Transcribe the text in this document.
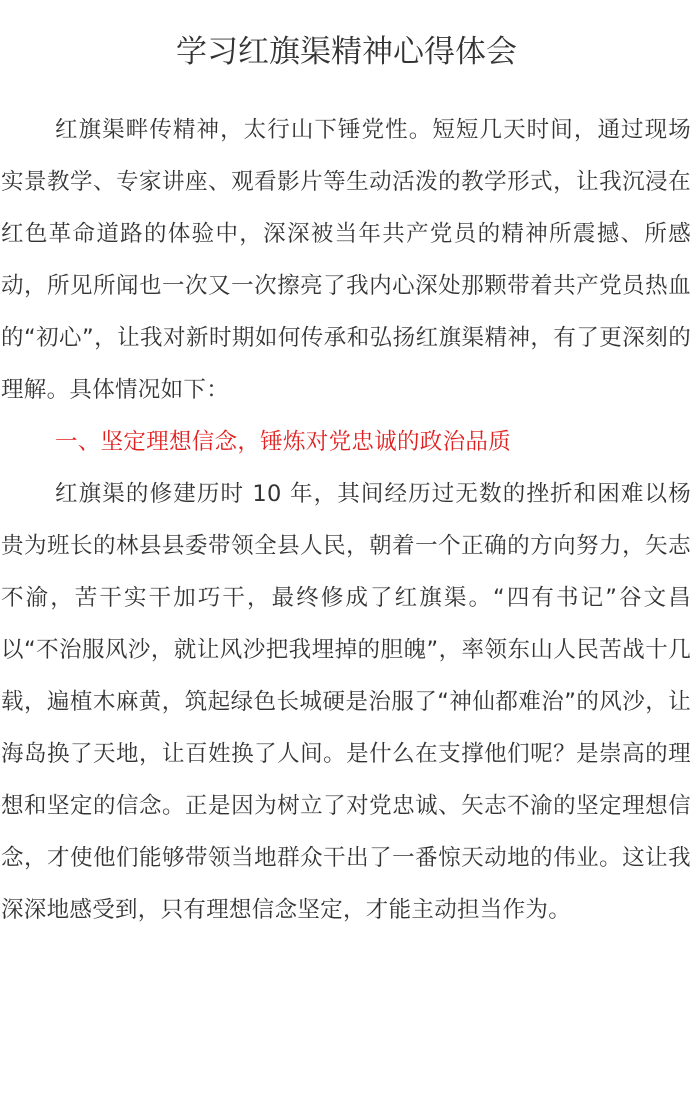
学习红旗渠精神心得体会

红旗渠畔传精神，太行山下锤党性。短短几天时间，通过现场实景教学、专家讲座、观看影片等生动活泼的教学形式，让我沉浸在红色革命道路的体验中，深深被当年共产党员的精神所震撼、所感动，所见所闻也一次又一次擦亮了我内心深处那颗带着共产党员热血的“初心”，让我对新时期如何传承和弘扬红旗渠精神，有了更深刻的理解。具体情况如下：

一、坚定理想信念，锤炼对党忠诚的政治品质

红旗渠的修建历时 10 年，其间经历过无数的挫折和困难以杨贵为班长的林县县委带领全县人民，朝着一个正确的方向努力，矢志不渝，苦干实干加巧干，最终修成了红旗渠。“四有书记”谷文昌以“不治服风沙，就让风沙把我埋掉的胆魄”，率领东山人民苦战十几载，遍植木麻黄，筑起绿色长城硬是治服了“神仙都难治”的风沙，让海岛换了天地，让百姓换了人间。是什么在支撑他们呢？是崇高的理想和坚定的信念。正是因为树立了对党忠诚、矢志不渝的坚定理想信念，才使他们能够带领当地群众干出了一番惊天动地的伟业。这让我深深地感受到，只有理想信念坚定，才能主动担当作为。
